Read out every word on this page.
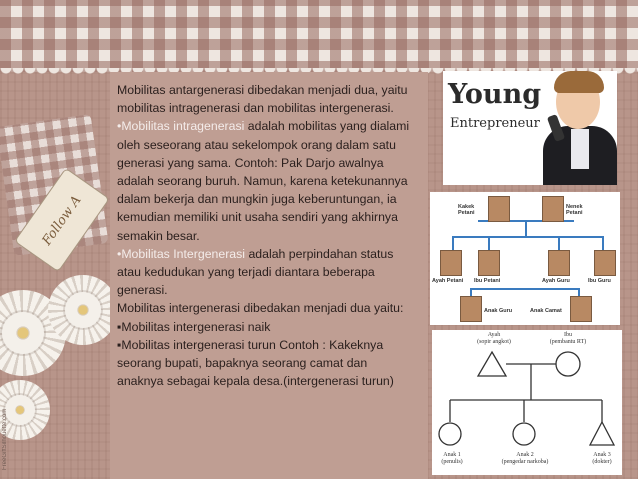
Follow A
FreeGiftSilhouette.com

Mobilitas antargenerasi dibedakan menjadi dua, yaitu mobilitas intragenerasi dan mobilitas intergenerasi.

•Mobilitas intragenerasi adalah mobilitas yang dialami oleh seseorang atau sekelompok orang dalam satu generasi yang sama. Contoh: Pak Darjo awalnya adalah seorang buruh. Namun, karena ketekunannya dalam bekerja dan mungkin juga keberuntungan, ia kemudian memiliki unit usaha sendiri yang akhirnya semakin besar.

•Mobilitas Intergenerasi adalah perpindahan status atau kedudukan yang terjadi diantara beberapa generasi.

Mobilitas intergenerasi dibedakan menjadi dua yaitu:

▪Mobilitas intergenerasi naik

▪Mobilitas intergenerasi turun Contoh : Kakeknya seorang bupati, bapaknya seorang camat dan anaknya sebagai kepala desa.(intergenerasi turun)

Young
Entrepreneur
Kakek Petani
Nenek Petani
Ayah Petani	Ibu Petani	Ayah Guru	Ibu Guru
Anak Guru	Anak Camat
Ayah
(sopir angkot)
Ibu
(pembantu RT)
Anak 1
(penulis)
Anak 2
(pengedar narkoba)
Anak 3
(dokter)
